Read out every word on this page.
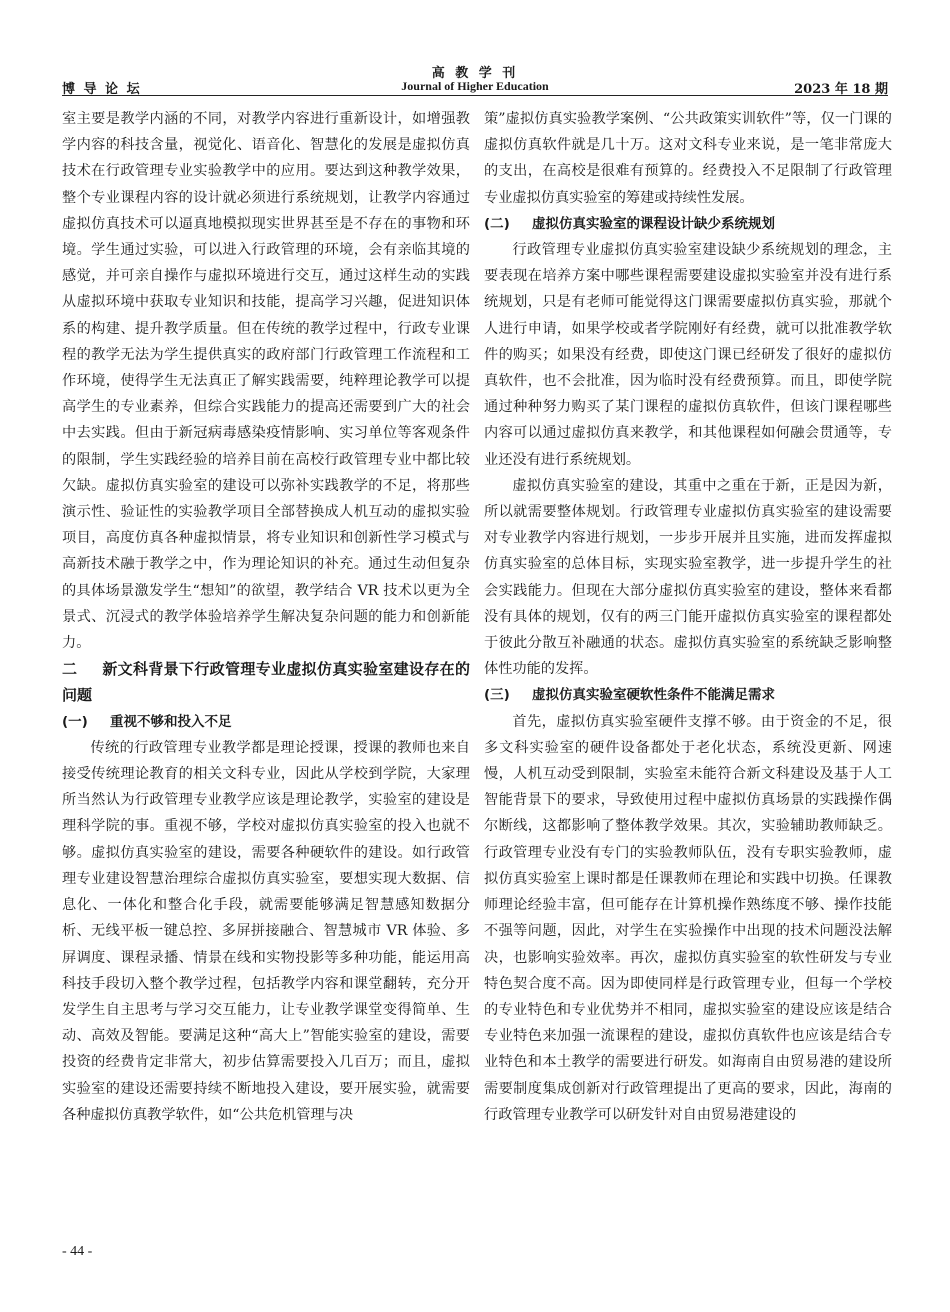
博 导 论 坛
高 教 学 刊
Journal of Higher Education	2023 年 18 期

室主要是教学内涵的不同，对教学内容进行重新设计，如增强教学内容的科技含量，视觉化、语音化、智慧化的发展是虚拟仿真技术在行政管理专业实验教学中的应用。要达到这种教学效果，整个专业课程内容的设计就必须进行系统规划，让教学内容通过虚拟仿真技术可以逼真地模拟现实世界甚至是不存在的事物和环境。学生通过实验，可以进入行政管理的环境，会有亲临其境的感觉，并可亲自操作与虚拟环境进行交互，通过这样生动的实践从虚拟环境中获取专业知识和技能，提高学习兴趣，促进知识体系的构建、提升教学质量。但在传统的教学过程中，行政专业课程的教学无法为学生提供真实的政府部门行政管理工作流程和工作环境，使得学生无法真正了解实践需要，纯粹理论教学可以提高学生的专业素养，但综合实践能力的提高还需要到广大的社会中去实践。但由于新冠病毒感染疫情影响、实习单位等客观条件的限制，学生实践经验的培养目前在高校行政管理专业中都比较欠缺。虚拟仿真实验室的建设可以弥补实践教学的不足，将那些演示性、验证性的实验教学项目全部替换成人机互动的虚拟实验项目，高度仿真各种虚拟情景，将专业知识和创新性学习模式与高新技术融于教学之中，作为理论知识的补充。通过生动但复杂的具体场景激发学生“想知”的欲望，教学结合 VR 技术以更为全景式、沉浸式的教学体验培养学生解决复杂问题的能力和创新能力。

二 新文科背景下行政管理专业虚拟仿真实验室建设存在的问题
(一) 重视不够和投入不足

传统的行政管理专业教学都是理论授课，授课的教师也来自接受传统理论教育的相关文科专业，因此从学校到学院，大家理所当然认为行政管理专业教学应该是理论教学，实验室的建设是理科学院的事。重视不够，学校对虚拟仿真实验室的投入也就不够。虚拟仿真实验室的建设，需要各种硬软件的建设。如行政管理专业建设智慧治理综合虚拟仿真实验室，要想实现大数据、信息化、一体化和整合化手段，就需要能够满足智慧感知数据分析、无线平板一键总控、多屏拼接融合、智慧城市 VR 体验、多屏调度、课程录播、情景在线和实物投影等多种功能，能运用高科技手段切入整个教学过程，包括教学内容和课堂翻转，充分开发学生自主思考与学习交互能力，让专业教学课堂变得简单、生动、高效及智能。要满足这种“高大上”智能实验室的建设，需要投资的经费肯定非常大，初步估算需要投入几百万；而且，虚拟实验室的建设还需要持续不断地投入建设，要开展实验，就需要各种虚拟仿真教学软件，如“公共危机管理与决

策”虚拟仿真实验教学案例、“公共政策实训软件”等，仅一门课的虚拟仿真软件就是几十万。这对文科专业来说，是一笔非常庞大的支出，在高校是很难有预算的。经费投入不足限制了行政管理专业虚拟仿真实验室的筹建或持续性发展。

(二) 虚拟仿真实验室的课程设计缺少系统规划

行政管理专业虚拟仿真实验室建设缺少系统规划的理念，主要表现在培养方案中哪些课程需要建设虚拟实验室并没有进行系统规划，只是有老师可能觉得这门课需要虚拟仿真实验，那就个人进行申请，如果学校或者学院刚好有经费，就可以批准教学软件的购买；如果没有经费，即使这门课已经研发了很好的虚拟仿真软件，也不会批准，因为临时没有经费预算。而且，即使学院通过种种努力购买了某门课程的虚拟仿真软件，但该门课程哪些内容可以通过虚拟仿真来教学，和其他课程如何融会贯通等，专业还没有进行系统规划。

虚拟仿真实验室的建设，其重中之重在于新，正是因为新，所以就需要整体规划。行政管理专业虚拟仿真实验室的建设需要对专业教学内容进行规划，一步步开展并且实施，进而发挥虚拟仿真实验室的总体目标，实现实验室教学，进一步提升学生的社会实践能力。但现在大部分虚拟仿真实验室的建设，整体来看都没有具体的规划，仅有的两三门能开虚拟仿真实验室的课程都处于彼此分散互补融通的状态。虚拟仿真实验室的系统缺乏影响整体性功能的发挥。

(三) 虚拟仿真实验室硬软性条件不能满足需求

首先，虚拟仿真实验室硬件支撑不够。由于资金的不足，很多文科实验室的硬件设备都处于老化状态，系统没更新、网速慢，人机互动受到限制，实验室未能符合新文科建设及基于人工智能背景下的要求，导致使用过程中虚拟仿真场景的实践操作偶尔断线，这都影响了整体教学效果。其次，实验辅助教师缺乏。行政管理专业没有专门的实验教师队伍，没有专职实验教师，虚拟仿真实验室上课时都是任课教师在理论和实践中切换。任课教师理论经验丰富，但可能存在计算机操作熟练度不够、操作技能不强等问题，因此，对学生在实验操作中出现的技术问题没法解决，也影响实验效率。再次，虚拟仿真实验室的软性研发与专业特色契合度不高。因为即使同样是行政管理专业，但每一个学校的专业特色和专业优势并不相同，虚拟实验室的建设应该是结合专业特色来加强一流课程的建设，虚拟仿真软件也应该是结合专业特色和本土教学的需要进行研发。如海南自由贸易港的建设所需要制度集成创新对行政管理提出了更高的要求，因此，海南的行政管理专业教学可以研发针对自由贸易港建设的

- 44 -
